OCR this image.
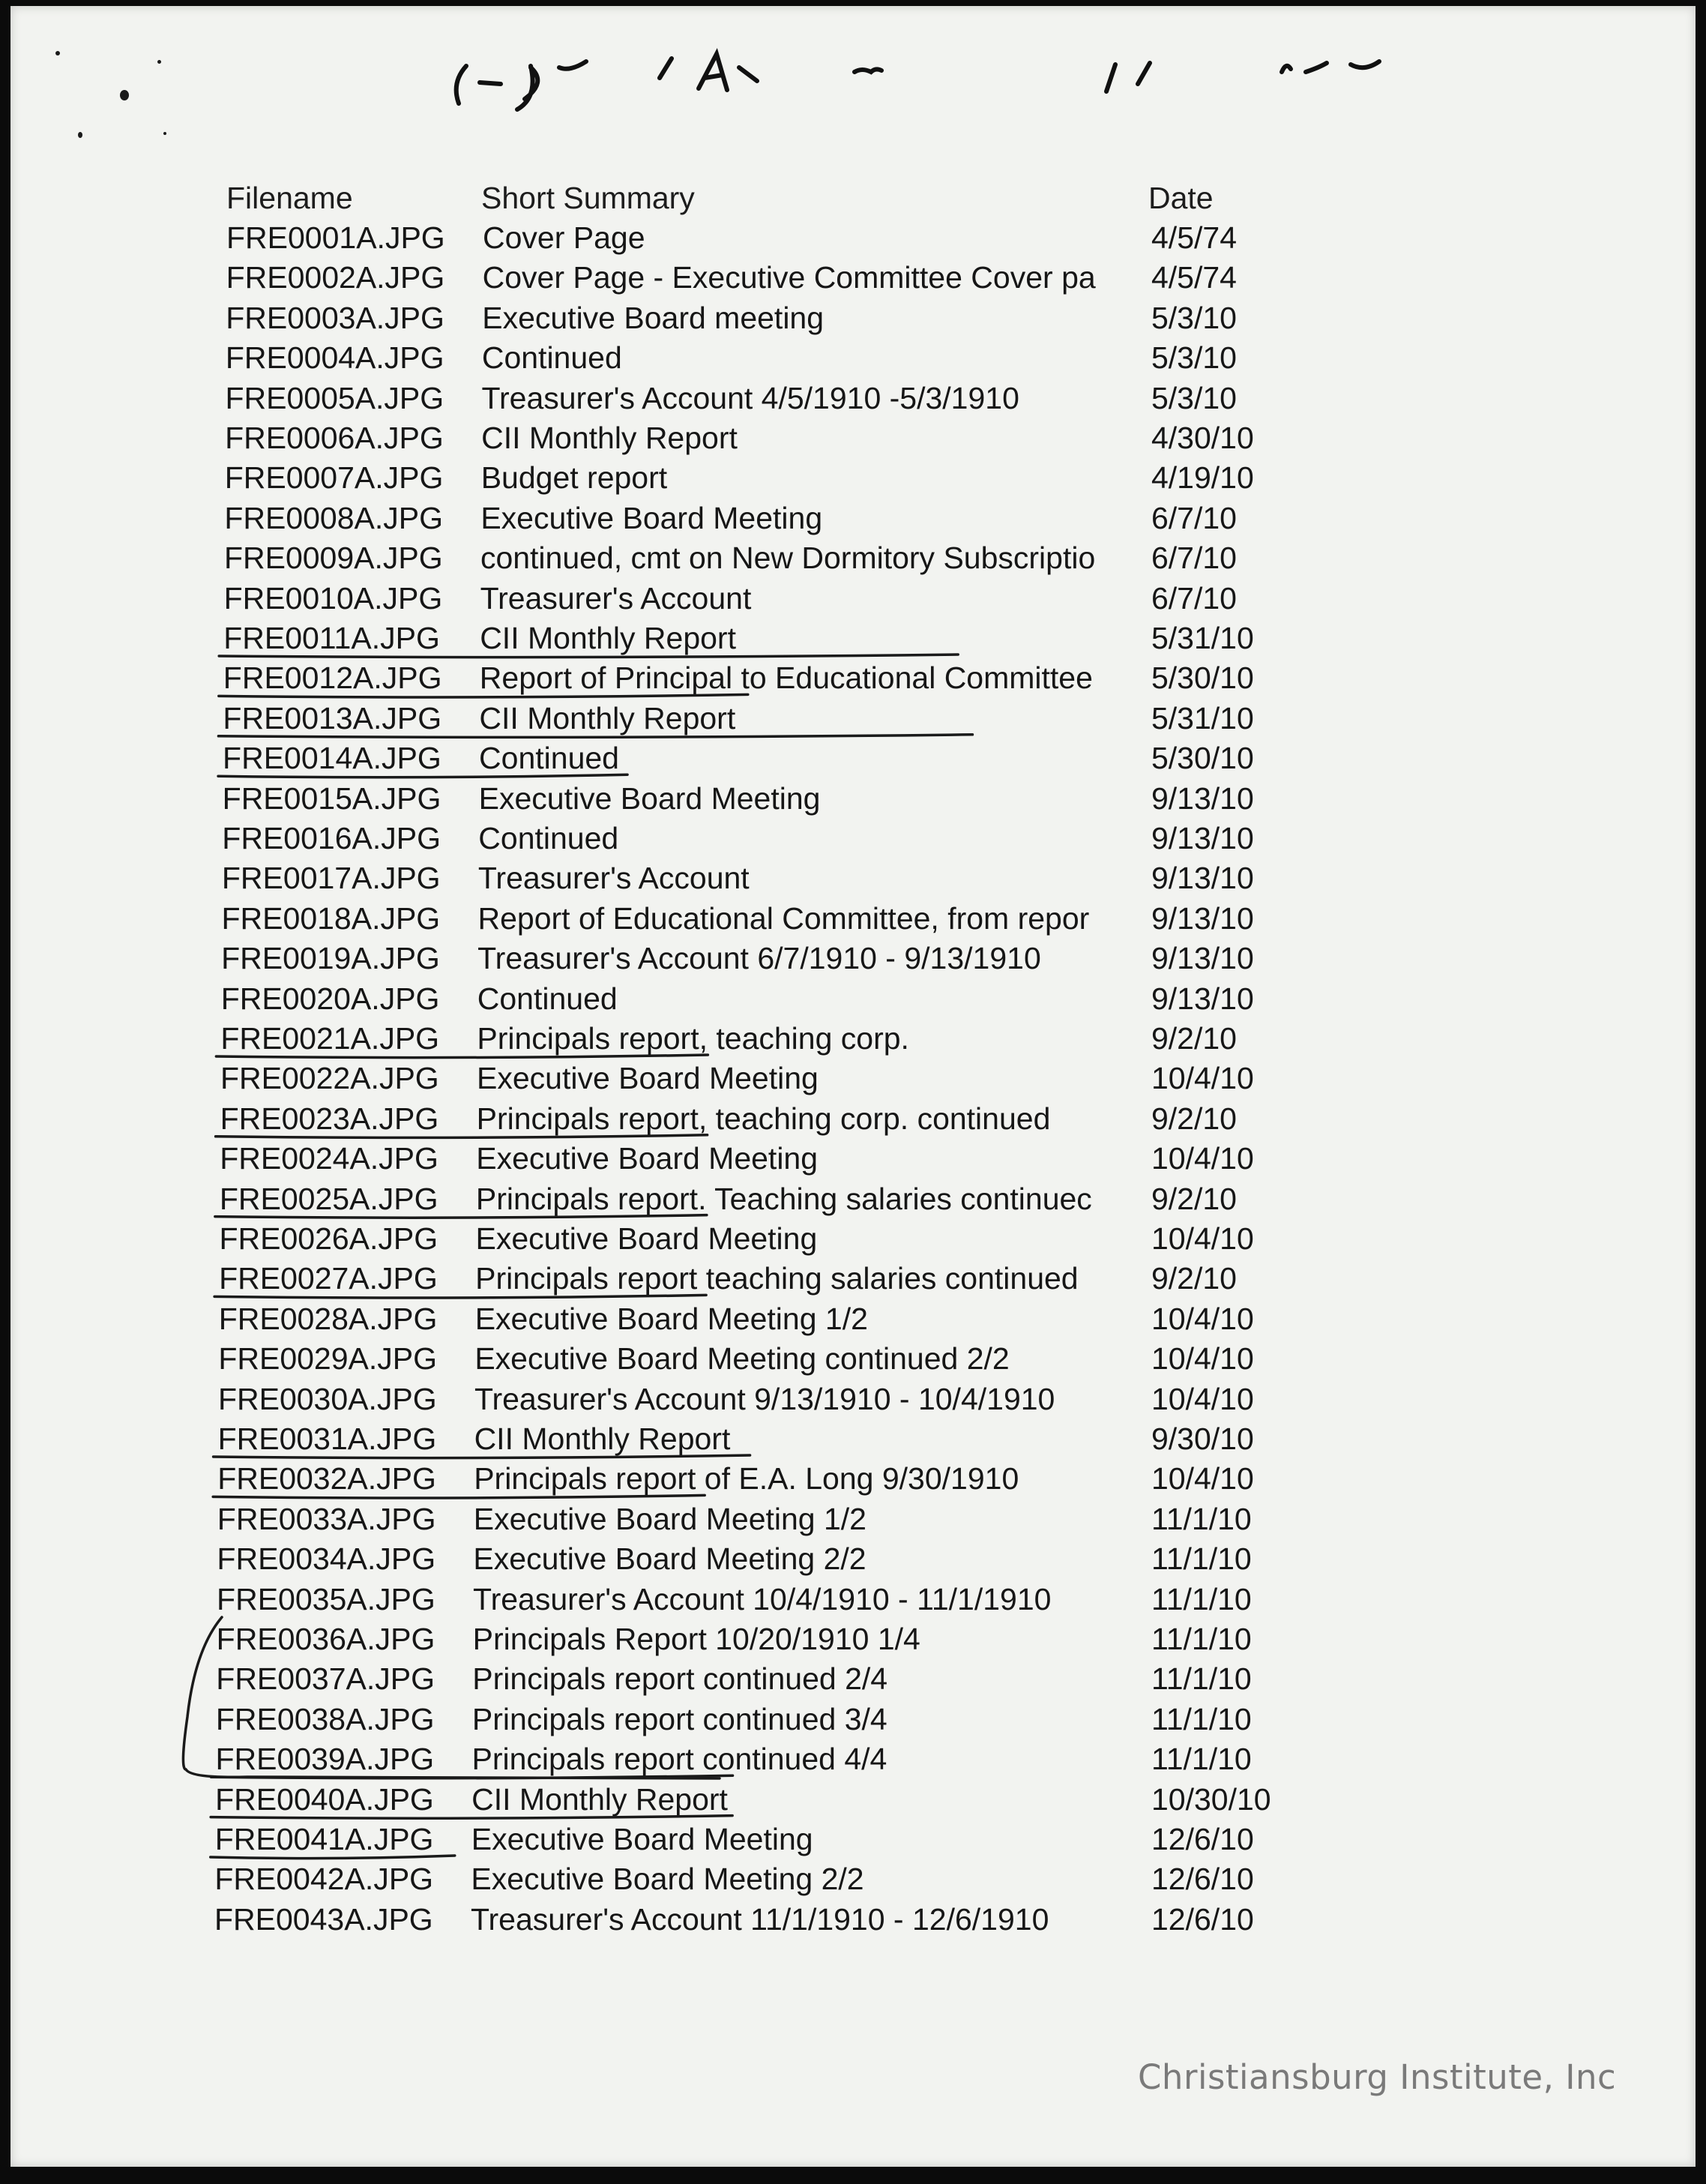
Filename	Short Summary	Date
FRE0001A.JPG Cover Page	4/5/74
FRE0002A.JPG Cover Page - Executive Committee Cover pa	4/5/74
FRE0003A.JPG Executive Board meeting	5/3/10
FRE0004A.JPG Continued	5/3/10
FRE0005A.JPG Treasurer's Account 4/5/1910 -5/3/1910	5/3/10
FRE0006A.JPG CII Monthly Report	4/30/10
FRE0007A.JPG Budget report	4/19/10
FRE0008A.JPG Executive Board Meeting	6/7/10
FRE0009A.JPG continued, cmt on New Dormitory Subscriptio	6/7/10
FRE0010A.JPG Treasurer's Account	6/7/10
FRE0011A.JPG CII Monthly Report	5/31/10
FRE0012A.JPG Report of Principal to Educational Committee	5/30/10
FRE0013A.JPG CII Monthly Report	5/31/10
FRE0014A.JPG Continued	5/30/10
FRE0015A.JPG Executive Board Meeting	9/13/10
FRE0016A.JPG Continued	9/13/10
FRE0017A.JPG Treasurer's Account	9/13/10
FRE0018A.JPG Report of Educational Committee, from repor	9/13/10
FRE0019A.JPG Treasurer's Account 6/7/1910 - 9/13/1910	9/13/10
FRE0020A.JPG Continued	9/13/10
FRE0021A.JPG Principals report, teaching corp.	9/2/10
FRE0022A.JPG Executive Board Meeting	10/4/10
FRE0023A.JPG Principals report, teaching corp. continued	9/2/10
FRE0024A.JPG Executive Board Meeting	10/4/10
FRE0025A.JPG Principals report. Teaching salaries continuec	9/2/10
FRE0026A.JPG Executive Board Meeting	10/4/10
FRE0027A.JPG Principals report teaching salaries continued	9/2/10
FRE0028A.JPG Executive Board Meeting 1/2	10/4/10
FRE0029A.JPG Executive Board Meeting continued 2/2	10/4/10
FRE0030A.JPG Treasurer's Account 9/13/1910 - 10/4/1910	10/4/10
FRE0031A.JPG CII Monthly Report	9/30/10
FRE0032A.JPG Principals report of E.A. Long 9/30/1910	10/4/10
FRE0033A.JPG Executive Board Meeting 1/2	11/1/10
FRE0034A.JPG Executive Board Meeting 2/2	11/1/10
FRE0035A.JPG Treasurer's Account 10/4/1910 - 11/1/1910	11/1/10
FRE0036A.JPG Principals Report 10/20/1910 1/4	11/1/10
FRE0037A.JPG Principals report continued 2/4	11/1/10
FRE0038A.JPG Principals report continued 3/4	11/1/10
FRE0039A.JPG Principals report continued 4/4	11/1/10
FRE0040A.JPG CII Monthly Report	10/30/10
FRE0041A.JPG Executive Board Meeting	12/6/10
FRE0042A.JPG Executive Board Meeting 2/2	12/6/10
FRE0043A.JPG Treasurer's Account 11/1/1910 - 12/6/1910	12/6/10
Christiansburg Institute, Inc
